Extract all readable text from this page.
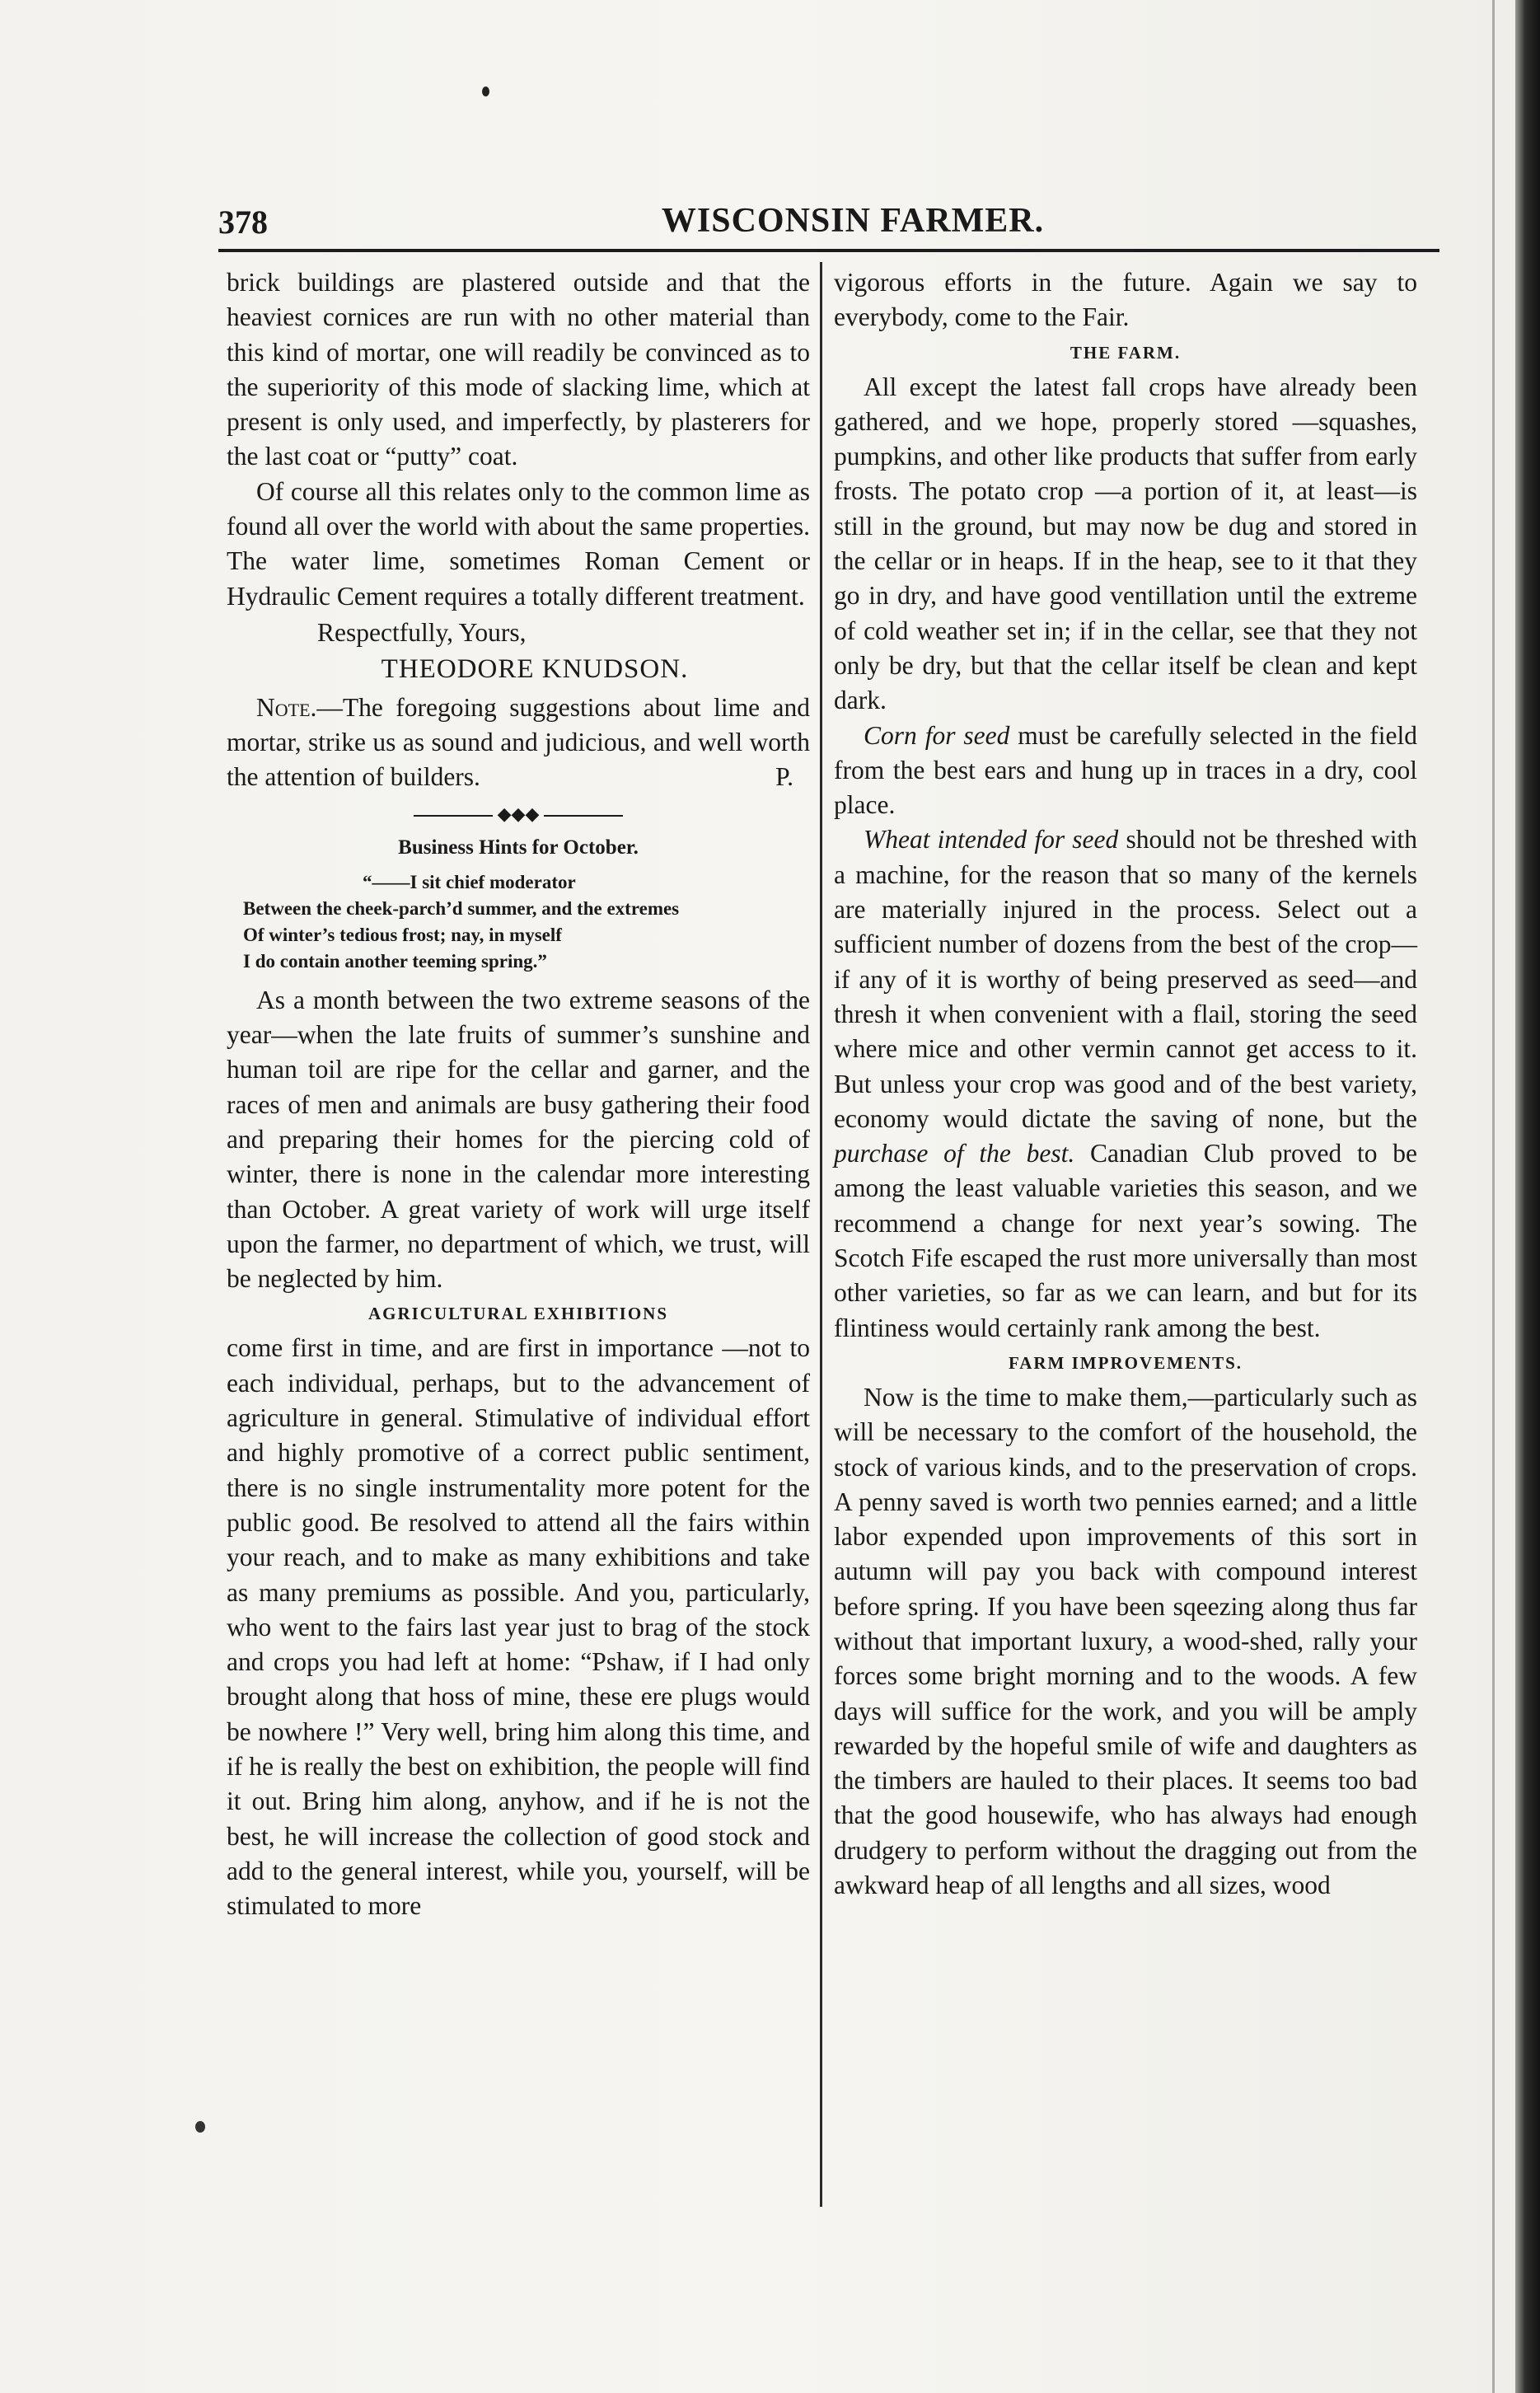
378	WISCONSIN FARMER.

brick buildings are plastered outside and that the heaviest cornices are run with no other material than this kind of mortar, one will readily be convinced as to the superiority of this mode of slacking lime, which at present is only used, and imperfectly, by plasterers for the last coat or “putty” coat.

Of course all this relates only to the common lime as found all over the world with about the same properties. The water lime, sometimes Roman Cement or Hydraulic Cement requires a totally different treatment.

Respectfully, Yours,

THEODORE KNUDSON.

Note.—The foregoing suggestions about lime and mortar, strike us as sound and judicious, and well worth the attention of builders.	P.
◆◆◆
Business Hints for October.
“——I sit chief moderator
Between the cheek-parch’d summer, and the extremes
Of winter’s tedious frost; nay, in myself
I do contain another teeming spring.”

As a month between the two extreme seasons of the year—when the late fruits of summer’s sunshine and human toil are ripe for the cellar and garner, and the races of men and animals are busy gathering their food and preparing their homes for the piercing cold of winter, there is none in the calendar more interesting than October. A great variety of work will urge itself upon the farmer, no department of which, we trust, will be neglected by him.

AGRICULTURAL EXHIBITIONS

come first in time, and are first in importance —not to each individual, perhaps, but to the advancement of agriculture in general. Stimulative of individual effort and highly promotive of a correct public sentiment, there is no single instrumentality more potent for the public good. Be resolved to attend all the fairs within your reach, and to make as many exhibitions and take as many premiums as possible. And you, particularly, who went to the fairs last year just to brag of the stock and crops you had left at home: “Pshaw, if I had only brought along that hoss of mine, these ere plugs would be nowhere !” Very well, bring him along this time, and if he is really the best on exhibition, the people will find it out. Bring him along, anyhow, and if he is not the best, he will increase the collection of good stock and add to the general interest, while you, yourself, will be stimulated to more

vigorous efforts in the future. Again we say to everybody, come to the Fair.

THE FARM.

All except the latest fall crops have already been gathered, and we hope, properly stored —squashes, pumpkins, and other like products that suffer from early frosts. The potato crop —a portion of it, at least—is still in the ground, but may now be dug and stored in the cellar or in heaps. If in the heap, see to it that they go in dry, and have good ventillation until the extreme of cold weather set in; if in the cellar, see that they not only be dry, but that the cellar itself be clean and kept dark.

Corn for seed must be carefully selected in the field from the best ears and hung up in traces in a dry, cool place.

Wheat intended for seed should not be threshed with a machine, for the reason that so many of the kernels are materially injured in the process. Select out a sufficient number of dozens from the best of the crop—if any of it is worthy of being preserved as seed—and thresh it when convenient with a flail, storing the seed where mice and other vermin cannot get access to it. But unless your crop was good and of the best variety, economy would dictate the saving of none, but the purchase of the best. Canadian Club proved to be among the least valuable varieties this season, and we recommend a change for next year’s sowing. The Scotch Fife escaped the rust more universally than most other varieties, so far as we can learn, and but for its flintiness would certainly rank among the best.

FARM IMPROVEMENTS.

Now is the time to make them,—particularly such as will be necessary to the comfort of the household, the stock of various kinds, and to the preservation of crops. A penny saved is worth two pennies earned; and a little labor expended upon improvements of this sort in autumn will pay you back with compound interest before spring. If you have been sqeezing along thus far without that important luxury, a wood-shed, rally your forces some bright morning and to the woods. A few days will suffice for the work, and you will be amply rewarded by the hopeful smile of wife and daughters as the timbers are hauled to their places. It seems too bad that the good housewife, who has always had enough drudgery to perform without the dragging out from the awkward heap of all lengths and all sizes, wood
